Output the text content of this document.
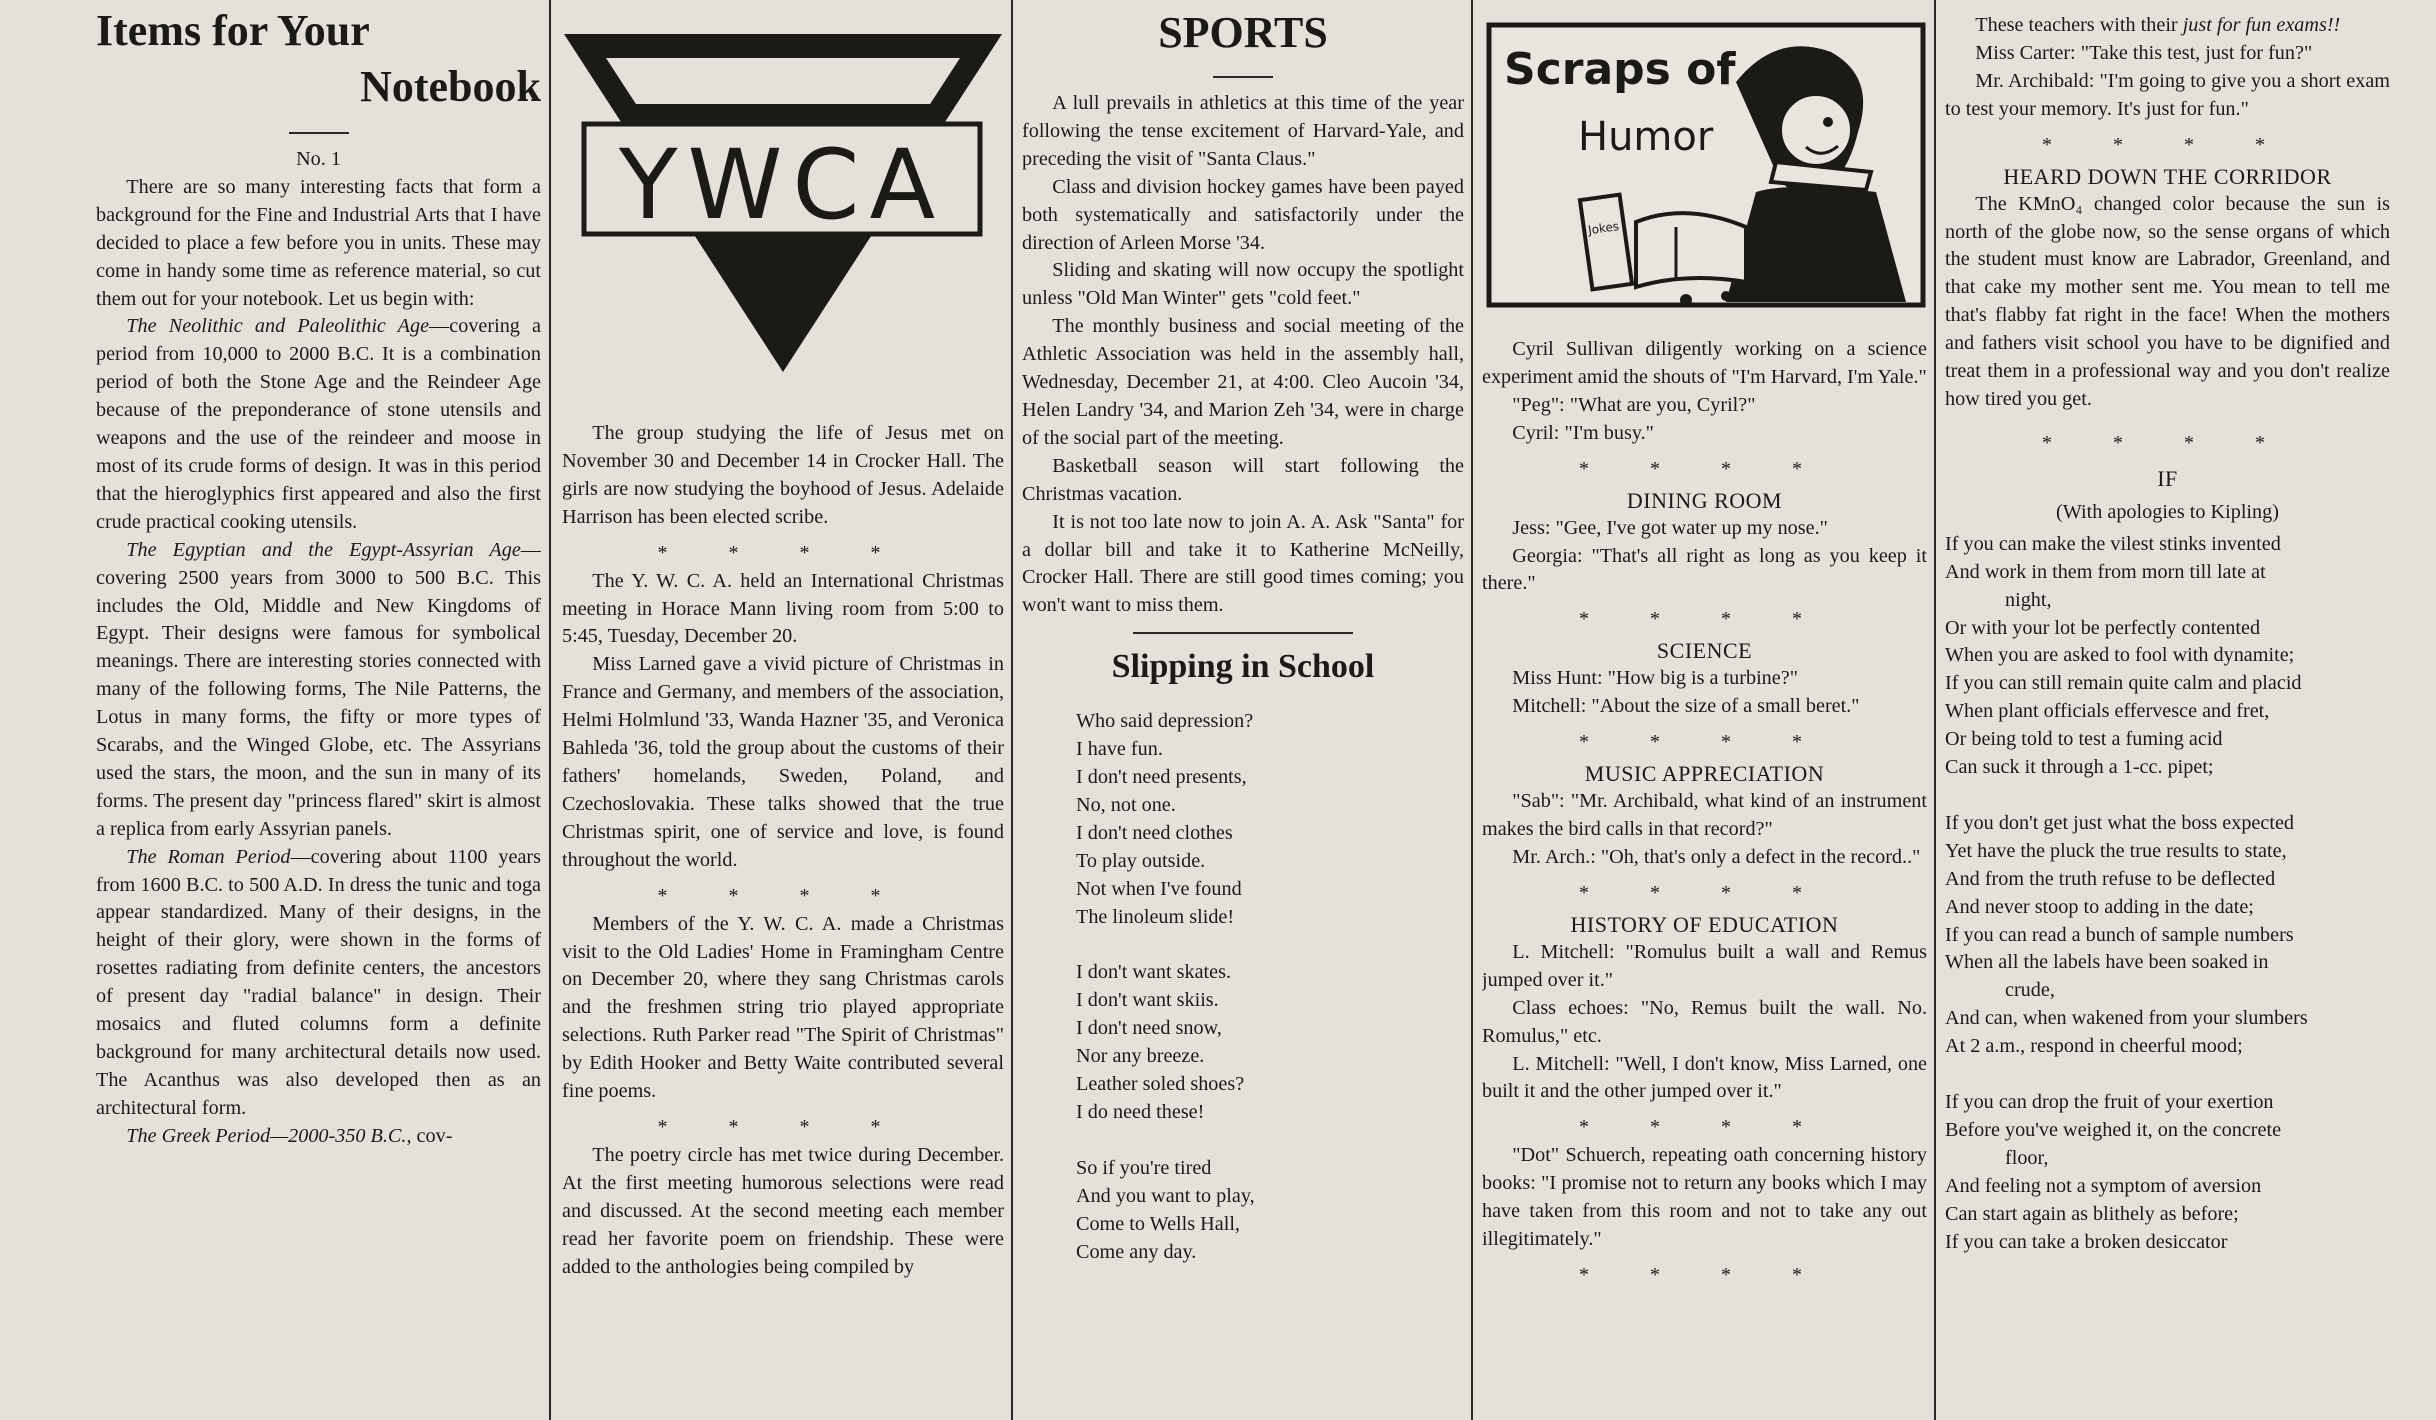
Items for Your
Notebook

No. 1

There are so many interesting facts that form a background for the Fine and Industrial Arts that I have decided to place a few before you in units. These may come in handy some time as reference material, so cut them out for your notebook. Let us begin with:

The Neolithic and Paleolithic Age—covering a period from 10,000 to 2000 B.C. It is a combination period of both the Stone Age and the Reindeer Age because of the preponderance of stone utensils and weapons and the use of the reindeer and moose in most of its crude forms of design. It was in this period that the hieroglyphics first appeared and also the first crude practical cooking utensils.

The Egyptian and the Egypt-Assyrian Age—covering 2500 years from 3000 to 500 B.C. This includes the Old, Middle and New Kingdoms of Egypt. Their designs were famous for symbolical meanings. There are interesting stories connected with many of the following forms, The Nile Patterns, the Lotus in many forms, the fifty or more types of Scarabs, and the Winged Globe, etc. The Assyrians used the stars, the moon, and the sun in many of its forms. The present day "princess flared" skirt is almost a replica from early Assyrian panels.

The Roman Period—covering about 1100 years from 1600 B.C. to 500 A.D. In dress the tunic and toga appear standardized. Many of their designs, in the height of their glory, were shown in the forms of rosettes radiating from definite centers, the ancestors of present day "radial balance" in design. Their mosaics and fluted columns form a definite background for many architectural details now used. The Acanthus was also developed then as an architectural form.

The Greek Period—2000-350 B.C., cov-

YWCA

The group studying the life of Jesus met on November 30 and December 14 in Crocker Hall. The girls are now studying the boyhood of Jesus. Adelaide Harrison has been elected scribe.

* * * *

The Y. W. C. A. held an International Christmas meeting in Horace Mann living room from 5:00 to 5:45, Tuesday, December 20.

Miss Larned gave a vivid picture of Christmas in France and Germany, and members of the association, Helmi Holmlund '33, Wanda Hazner '35, and Veronica Bahleda '36, told the group about the customs of their fathers' homelands, Sweden, Poland, and Czechoslovakia. These talks showed that the true Christmas spirit, one of service and love, is found throughout the world.

* * * *

Members of the Y. W. C. A. made a Christmas visit to the Old Ladies' Home in Framingham Centre on December 20, where they sang Christmas carols and the freshmen string trio played appropriate selections. Ruth Parker read "The Spirit of Christmas" by Edith Hooker and Betty Waite contributed several fine poems.

* * * *

The poetry circle has met twice during December. At the first meeting humorous selections were read and discussed. At the second meeting each member read her favorite poem on friendship. These were added to the anthologies being compiled by

SPORTS

A lull prevails in athletics at this time of the year following the tense excitement of Harvard-Yale, and preceding the visit of "Santa Claus."

Class and division hockey games have been payed both systematically and satisfactorily under the direction of Arleen Morse '34.

Sliding and skating will now occupy the spotlight unless "Old Man Winter" gets "cold feet."

The monthly business and social meeting of the Athletic Association was held in the assembly hall, Wednesday, December 21, at 4:00. Cleo Aucoin '34, Helen Landry '34, and Marion Zeh '34, were in charge of the social part of the meeting.

Basketball season will start following the Christmas vacation.

It is not too late now to join A. A. Ask "Santa" for a dollar bill and take it to Katherine McNeilly, Crocker Hall. There are still good times coming; you won't want to miss them.

Slipping in School

Who said depression?

I have fun.

I don't need presents,

No, not one.

I don't need clothes

To play outside.

Not when I've found

The linoleum slide!

I don't want skates.

I don't want skiis.

I don't need snow,

Nor any breeze.

Leather soled shoes?

I do need these!

So if you're tired

And you want to play,

Come to Wells Hall,

Come any day.

Scraps of
Humor
Jokes

Cyril Sullivan diligently working on a science experiment amid the shouts of "I'm Harvard, I'm Yale."

"Peg": "What are you, Cyril?"

Cyril: "I'm busy."

* * * *
DINING ROOM

Jess: "Gee, I've got water up my nose."

Georgia: "That's all right as long as you keep it there."

* * * *
SCIENCE

Miss Hunt: "How big is a turbine?"

Mitchell: "About the size of a small beret."

* * * *
MUSIC APPRECIATION

"Sab": "Mr. Archibald, what kind of an instrument makes the bird calls in that record?"

Mr. Arch.: "Oh, that's only a defect in the record.."

* * * *
HISTORY OF EDUCATION

L. Mitchell: "Romulus built a wall and Remus jumped over it."

Class echoes: "No, Remus built the wall. No. Romulus," etc.

L. Mitchell: "Well, I don't know, Miss Larned, one built it and the other jumped over it."

* * * *

"Dot" Schuerch, repeating oath concerning history books: "I promise not to return any books which I may have taken from this room and not to take any out illegitimately."

* * * *

These teachers with their just for fun exams!!

Miss Carter: "Take this test, just for fun?"

Mr. Archibald: "I'm going to give you a short exam to test your memory. It's just for fun."

* * * *
HEARD DOWN THE CORRIDOR

The KMnO₄ changed color because the sun is north of the globe now, so the sense organs of which the student must know are Labrador, Greenland, and that cake my mother sent me. You mean to tell me that's flabby fat right in the face! When the mothers and fathers visit school you have to be dignified and treat them in a professional way and you don't realize how tired you get.

* * * *
IF

(With apologies to Kipling)

If you can make the vilest stinks invented

And work in them from morn till late at

night,

Or with your lot be perfectly contented

When you are asked to fool with dynamite;

If you can still remain quite calm and placid

When plant officials effervesce and fret,

Or being told to test a fuming acid

Can suck it through a 1-cc. pipet;

If you don't get just what the boss expected

Yet have the pluck the true results to state,

And from the truth refuse to be deflected

And never stoop to adding in the date;

If you can read a bunch of sample numbers

When all the labels have been soaked in

crude,

And can, when wakened from your slumbers

At 2 a.m., respond in cheerful mood;

If you can drop the fruit of your exertion

Before you've weighed it, on the concrete

floor,

And feeling not a symptom of aversion

Can start again as blithely as before;

If you can take a broken desiccator
